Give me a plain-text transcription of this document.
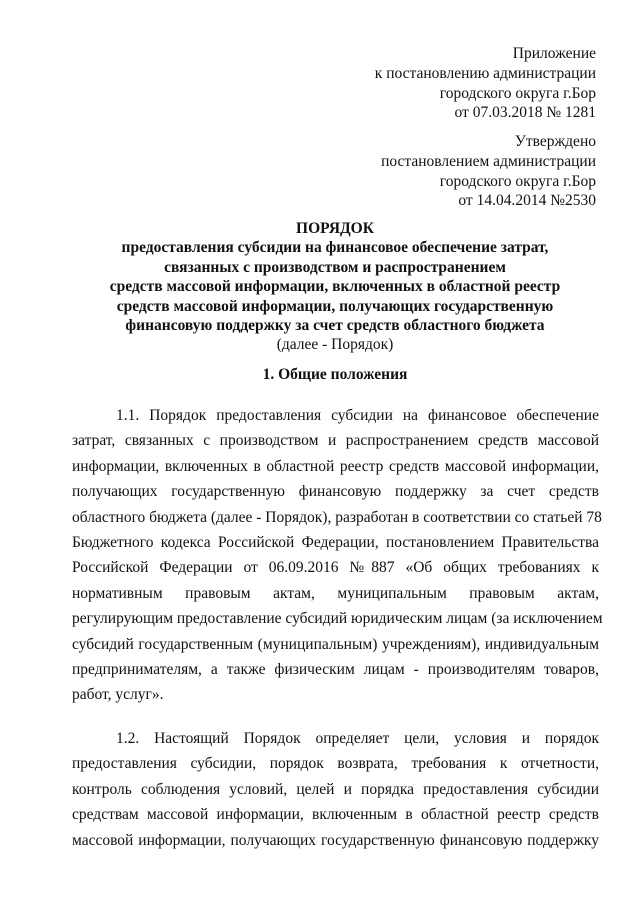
Приложение
к постановлению администрации
городского округа г.Бор
от 07.03.2018 № 1281
Утверждено
постановлением администрации
городского округа г.Бор
от 14.04.2014 №2530
ПОРЯДОК
предоставления субсидии на финансовое обеспечение затрат,
связанных с производством и распространением
средств массовой информации, включенных в областной реестр
средств массовой информации, получающих государственную
финансовую поддержку за счет средств областного бюджета
(далее - Порядок)
1. Общие положения
1.1. Порядок предоставления субсидии на финансовое обеспечение
затрат, связанных с производством и распространением средств массовой
информации, включенных в областной реестр средств массовой информации,
получающих государственную финансовую поддержку за счет средств
областного бюджета (далее - Порядок), разработан в соответствии со статьей 78
Бюджетного кодекса Российской Федерации, постановлением Правительства
Российской Федерации от 06.09.2016 №887 «Об общих требованиях к
нормативным правовым актам, муниципальным правовым актам,
регулирующим предоставление субсидий юридическим лицам (за исключением
субсидий государственным (муниципальным) учреждениям), индивидуальным
предпринимателям, а также физическим лицам - производителям товаров,
работ, услуг».
1.2. Настоящий Порядок определяет цели, условия и порядок
предоставления субсидии, порядок возврата, требования к отчетности,
контроль соблюдения условий, целей и порядка предоставления субсидии
средствам массовой информации, включенным в областной реестр средств
массовой информации, получающих государственную финансовую поддержку
